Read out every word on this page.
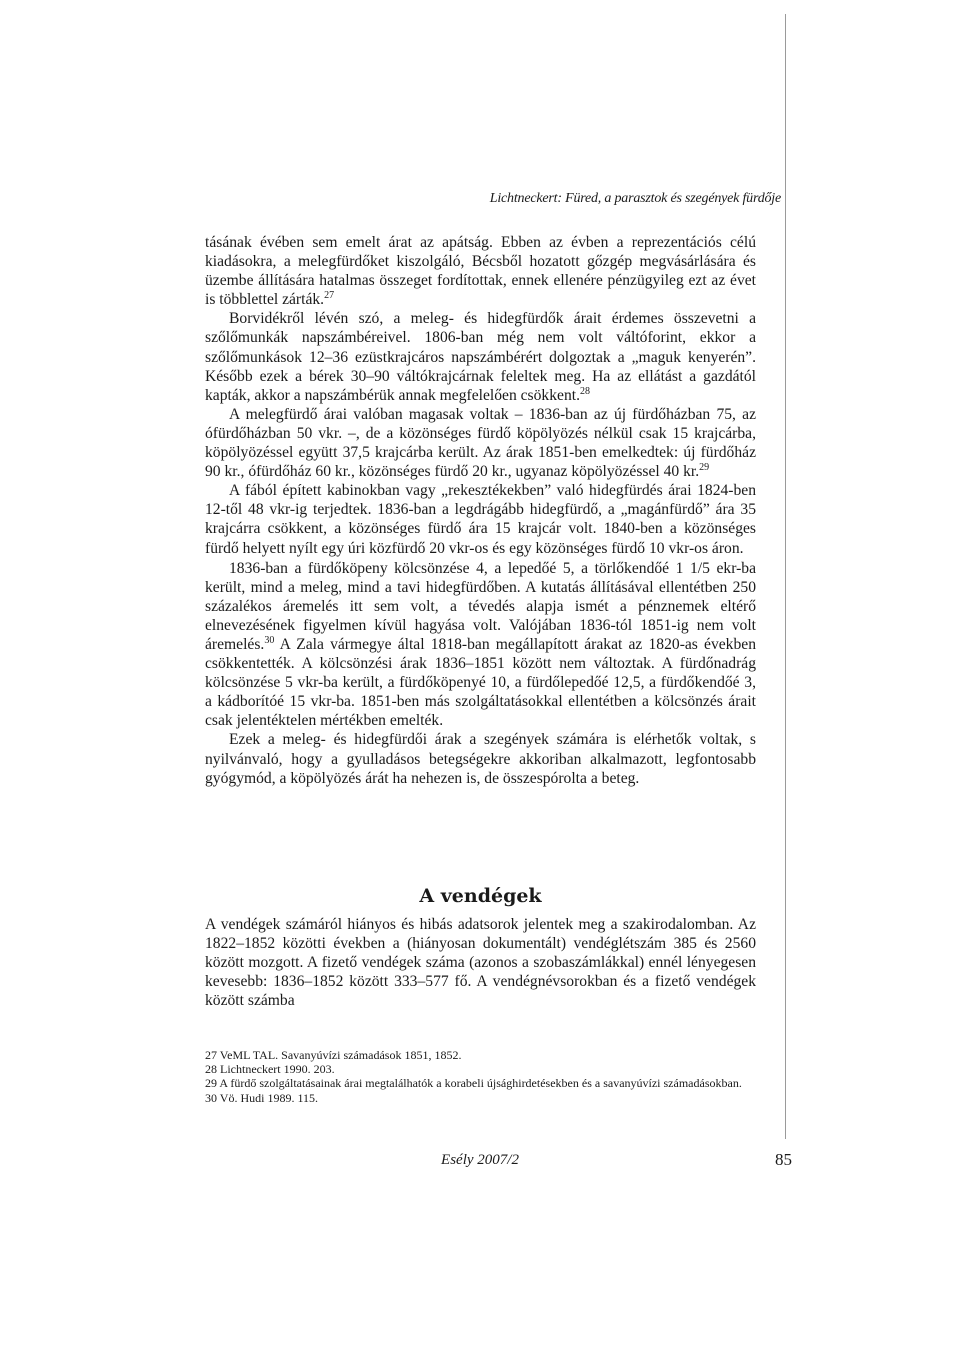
Lichtneckert: Füred, a parasztok és szegények fürdője

tásának évében sem emelt árat az apátság. Ebben az évben a reprezentációs célú kiadásokra, a melegfürdőket kiszolgáló, Bécsből hozatott gőzgép megvásárlására és üzembe állítására hatalmas összeget fordítottak, ennek ellenére pénzügyileg ezt az évet is többlettel zárták.$^{27}$

Borvidékről lévén szó, a meleg- és hidegfürdők árait érdemes összevetni a szőlőmunkák napszámbéreivel. 1806-ban még nem volt váltóforint, ekkor a szőlőmunkások 12–36 ezüstkrajcáros napszámbérért dolgoztak a „maguk kenyerén”. Később ezek a bérek 30–90 váltókrajcárnak feleltek meg. Ha az ellátást a gazdától kapták, akkor a napszámbérük annak megfelelően csökkent.$^{28}$

A melegfürdő árai valóban magasak voltak – 1836-ban az új fürdőházban 75, az ófürdőházban 50 vkr. –, de a közönséges fürdő köpölyözés nélkül csak 15 krajcárba, köpölyözéssel együtt 37,5 krajcárba került. Az árak 1851-ben emelkedtek: új fürdőház 90 kr., ófürdőház 60 kr., közönséges fürdő 20 kr., ugyanaz köpölyözéssel 40 kr.$^{29}$

A fából épített kabinokban vagy „rekesztékekben” való hidegfürdés árai 1824-ben 12-től 48 vkr-ig terjedtek. 1836-ban a legdrágább hidegfürdő, a „magánfürdő” ára 35 krajcárra csökkent, a közönséges fürdő ára 15 krajcár volt. 1840-ben a közönséges fürdő helyett nyílt egy úri közfürdő 20 vkr-os és egy közönséges fürdő 10 vkr-os áron.

1836-ban a fürdőköpeny kölcsönzése 4, a lepedőé 5, a törlőkendőé 1 1/5 ekr-ba került, mind a meleg, mind a tavi hidegfürdőben. A kutatás állításával ellentétben 250 százalékos áremelés itt sem volt, a tévedés alapja ismét a pénznemek eltérő elnevezésének figyelmen kívül hagyása volt. Valójában 1836-tól 1851-ig nem volt áremelés.$^{30}$ A Zala vármegye által 1818-ban megállapított árakat az 1820-as években csökkentették. A kölcsönzési árak 1836–1851 között nem változtak. A fürdőnadrág kölcsönzése 5 vkr-ba került, a fürdőköpenyé 10, a fürdőlepedőé 12,5, a fürdőkendőé 3, a kádborítóé 15 vkr-ba. 1851-ben más szolgáltatásokkal ellentétben a kölcsönzés árait csak jelentéktelen mértékben emelték.

Ezek a meleg- és hidegfürdői árak a szegények számára is elérhetők voltak, s nyilvánvaló, hogy a gyulladásos betegségekre akkoriban alkalmazott, legfontosabb gyógymód, a köpölyözés árát ha nehezen is, de összespórolta a beteg.

A vendégek

A vendégek számáról hiányos és hibás adatsorok jelentek meg a szakirodalomban. Az 1822–1852 közötti években a (hiányosan dokumentált) vendéglétszám 385 és 2560 között mozgott. A fizető vendégek száma (azonos a szobaszámlákkal) ennél lényegesen kevesebb: 1836–1852 között 333–577 fő. A vendégnévsorokban és a fizető vendégek között számba

27 VeML TAL. Savanyúvízi számadások 1851, 1852.

28 Lichtneckert 1990. 203.

29 A fürdő szolgáltatásainak árai megtalálhatók a korabeli újsághirdetésekben és a savanyúvízi számadásokban.

30 Vö. Hudi 1989. 115.

Esély 2007/2	85
